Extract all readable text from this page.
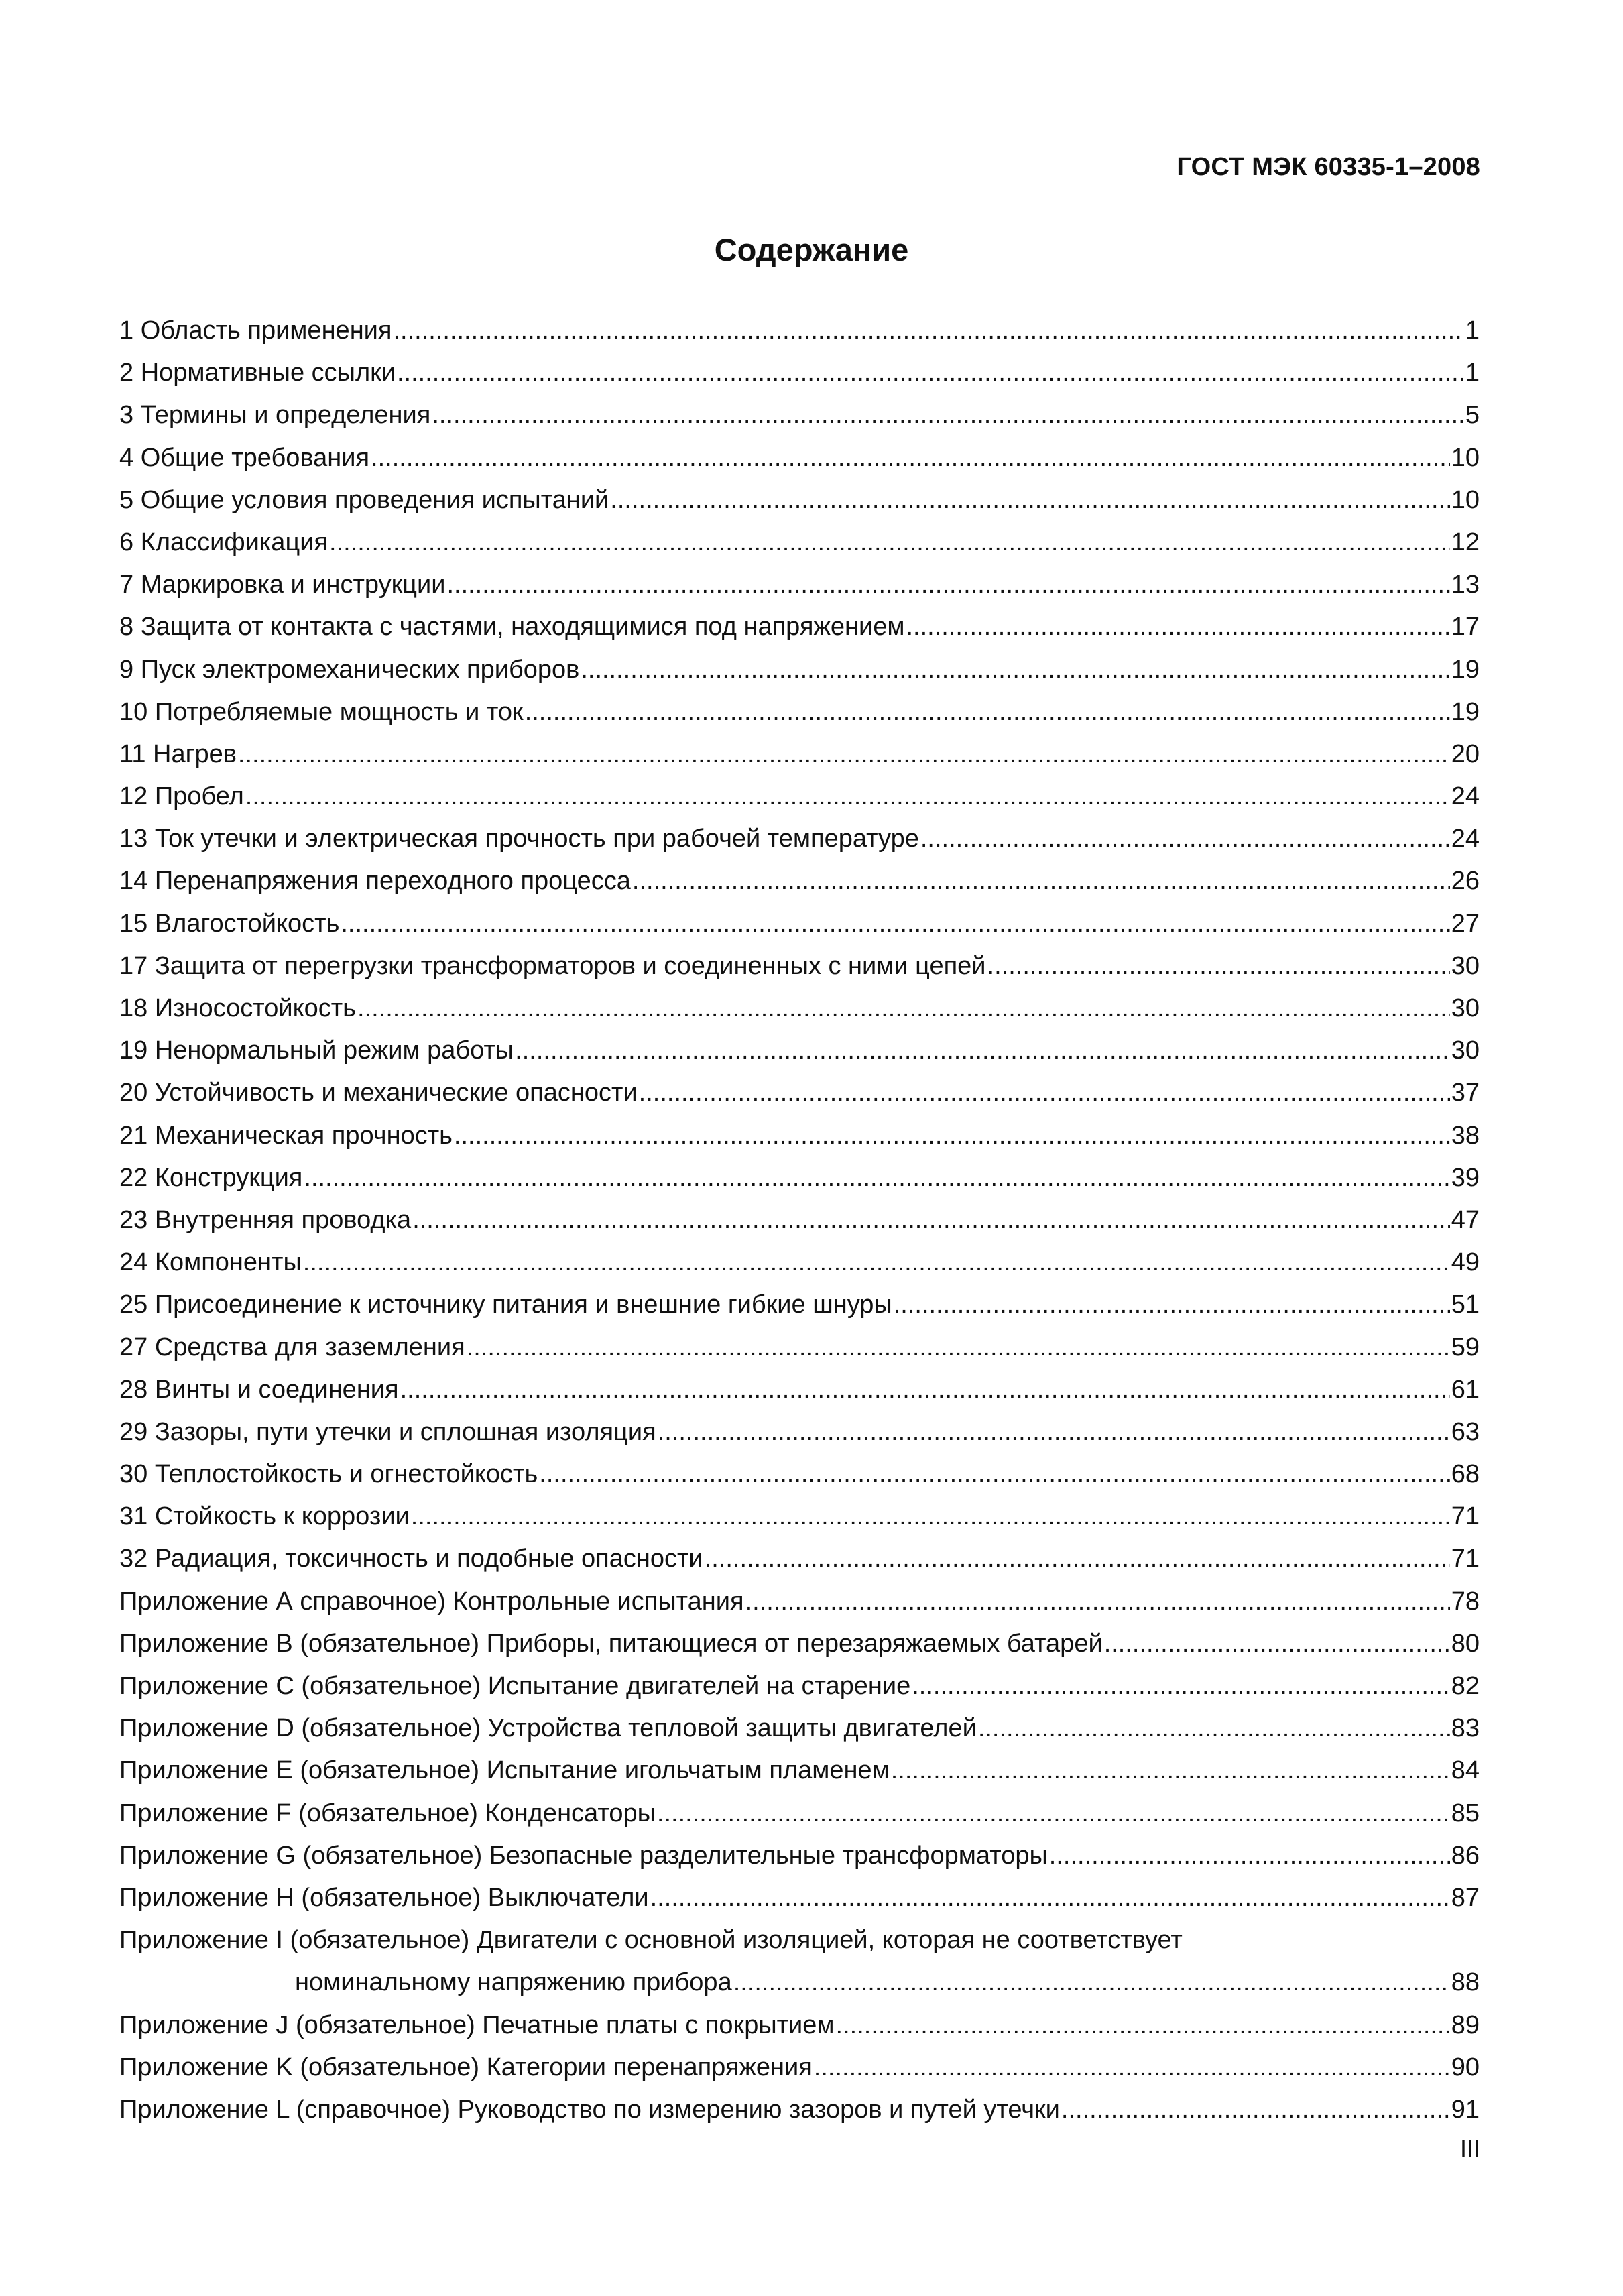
ГОСТ МЭК 60335-1–2008
Содержание
1 Область применения .....	1
2 Нормативные ссылки .....	1
3 Термины и определения .....	5
4 Общие требования .....	10
5 Общие условия проведения испытаний .....	10
6 Классификация .....	12
7 Маркировка и инструкции .....	13
8 Защита от контакта с частями, находящимися под напряжением .....	17
9 Пуск электромеханических приборов .....	19
10 Потребляемые мощность и ток .....	19
11 Нагрев .....	20
12 Пробел .....	24
13 Ток утечки и электрическая прочность при рабочей температуре .....	24
14 Перенапряжения переходного процесса .....	26
15 Влагостойкость .....	27
17 Защита от перегрузки трансформаторов и соединенных с ними цепей .....	30
18 Износостойкость .....	30
19 Ненормальный режим работы .....	30
20 Устойчивость и механические опасности .....	37
21 Механическая прочность .....	38
22 Конструкция .....	39
23 Внутренняя проводка .....	47
24 Компоненты .....	49
25 Присоединение к источнику питания и внешние гибкие шнуры .....	51
27 Средства для заземления .....	59
28 Винты и соединения .....	61
29 Зазоры, пути утечки и сплошная изоляция .....	63
30 Теплостойкость и огнестойкость .....	68
31 Стойкость к коррозии .....	71
32 Радиация, токсичность и подобные опасности .....	71
Приложение А справочное) Контрольные испытания .....	78
Приложение В (обязательное) Приборы, питающиеся от перезаряжаемых батарей .....	80
Приложение С (обязательное) Испытание двигателей на старение .....	82
Приложение D (обязательное) Устройства тепловой защиты двигателей .....	83
Приложение Е (обязательное) Испытание игольчатым пламенем .....	84
Приложение F (обязательное) Конденсаторы .....	85
Приложение G (обязательное) Безопасные разделительные трансформаторы .....	86
Приложение Н (обязательное) Выключатели .....	87
Приложение I (обязательное) Двигатели с основной изоляцией, которая не соответствует
номинальному напряжению прибора .....	88
Приложение J (обязательное) Печатные платы с покрытием .....	89
Приложение K (обязательное) Категории перенапряжения .....	90
Приложение L (справочное) Руководство по измерению зазоров и путей утечки .....	91
III
